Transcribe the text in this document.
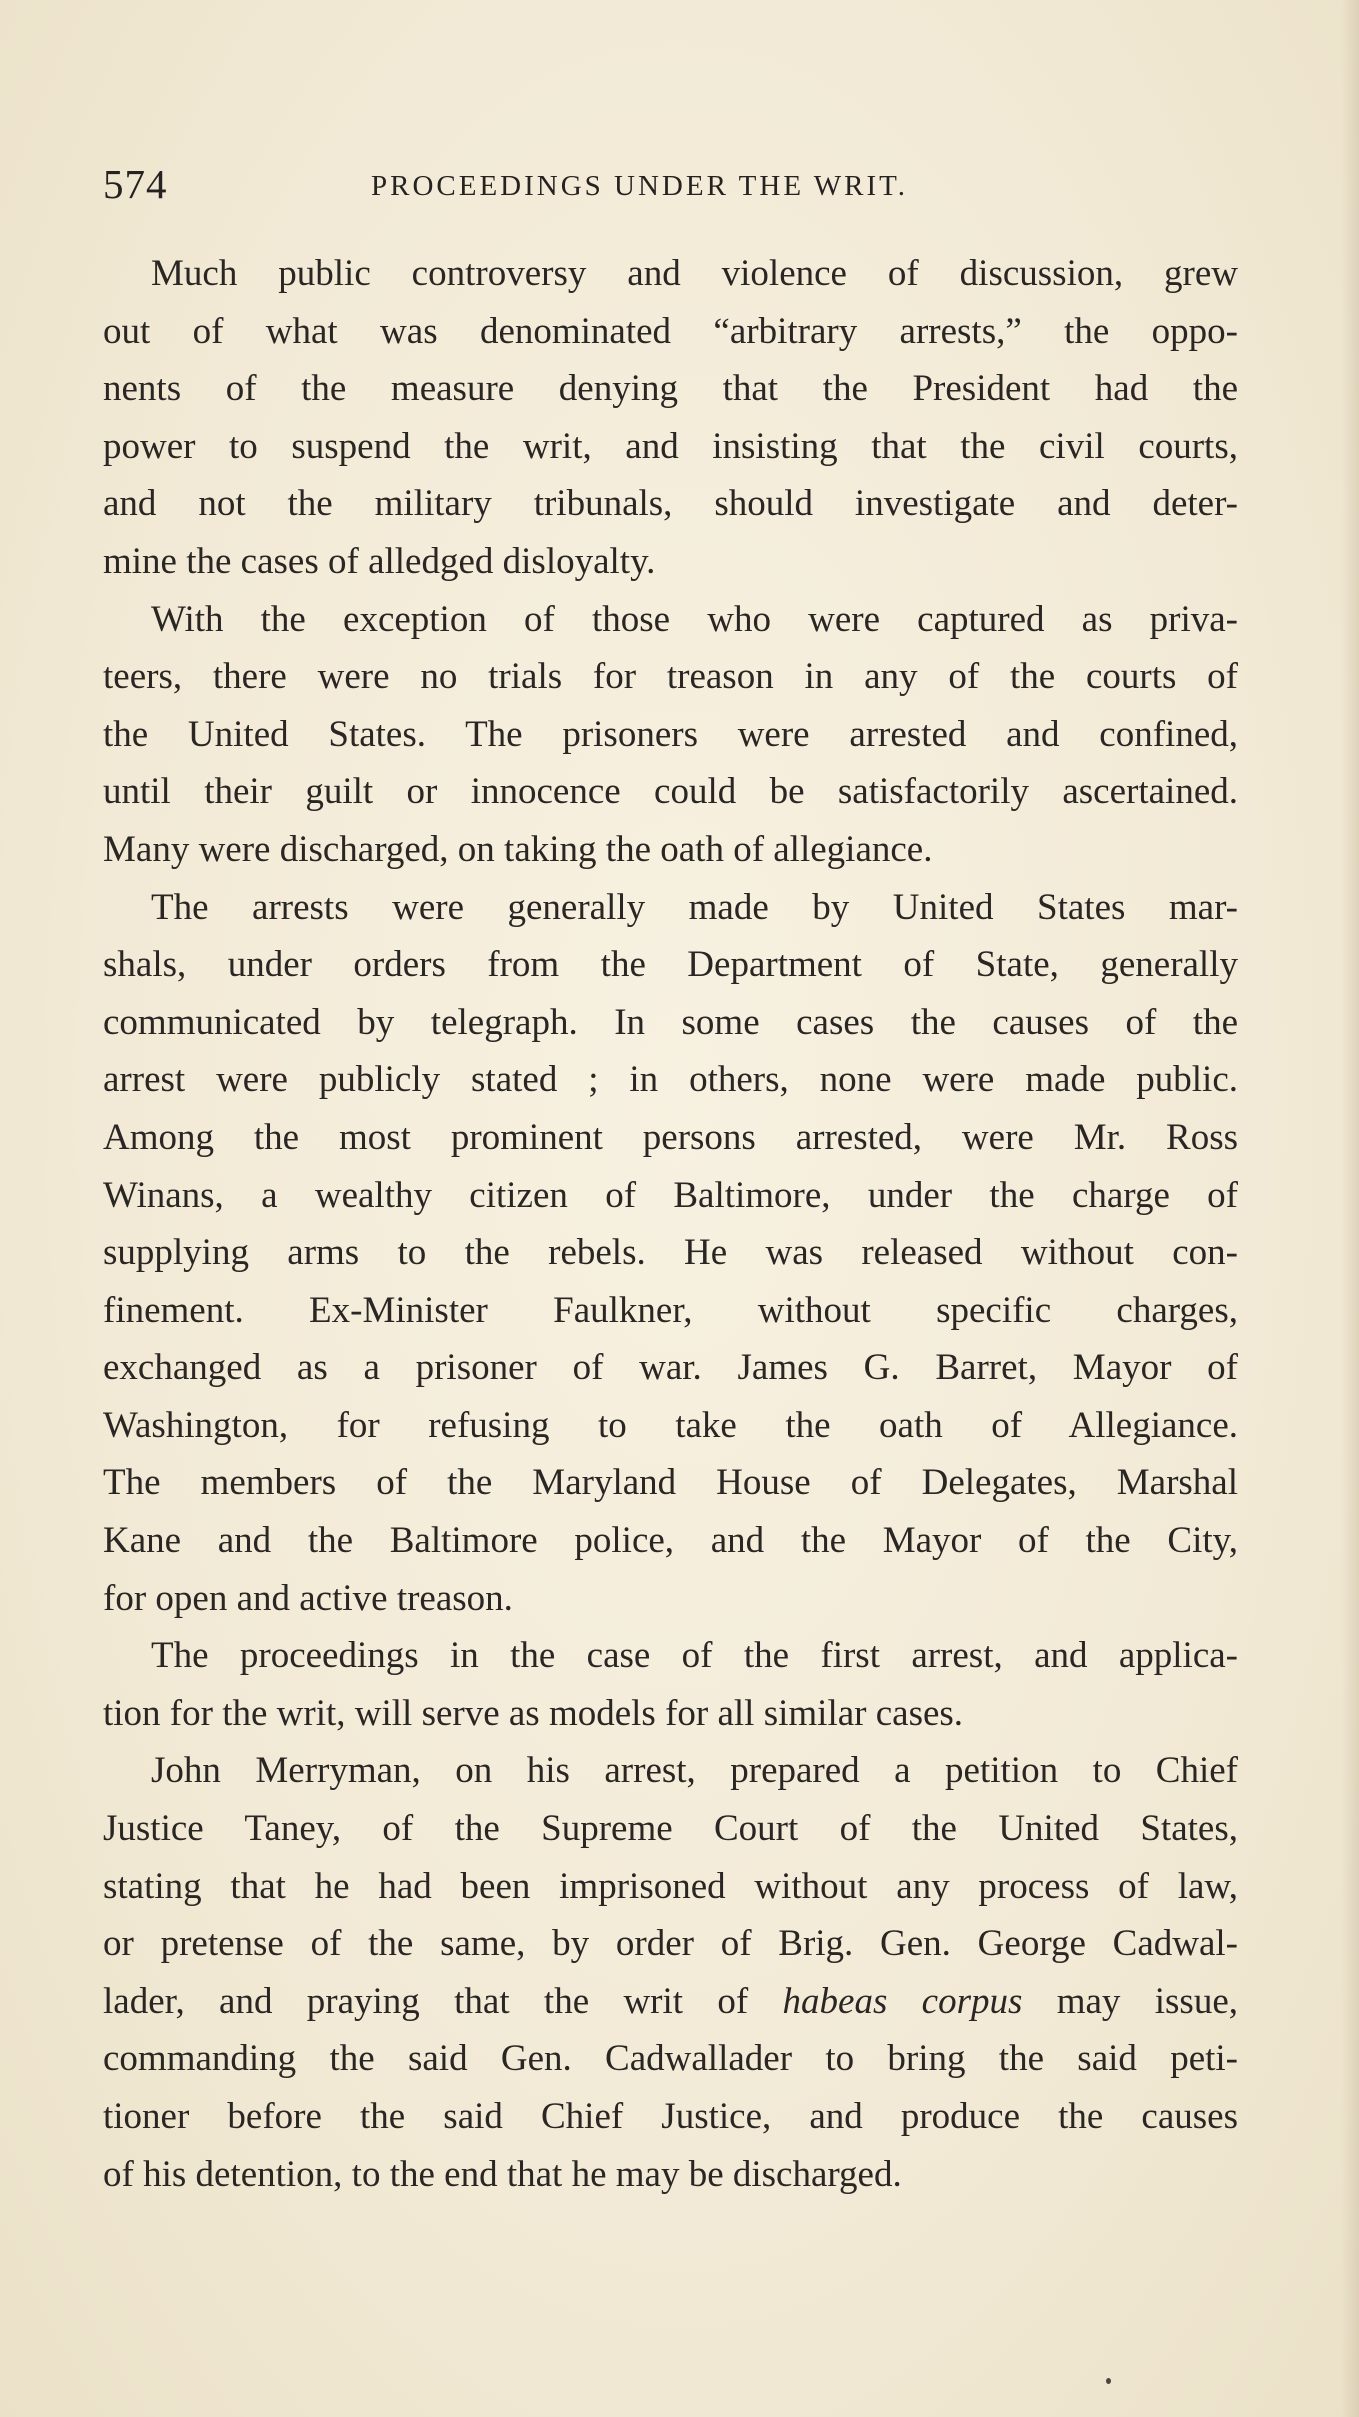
574	PROCEEDINGS UNDER THE WRIT.
Much public controversy and violence of discussion, grew
out of what was denominated “arbitrary arrests,” the oppo-
nents of the measure denying that the President had the
power to suspend the writ, and insisting that the civil courts,
and not the military tribunals, should investigate and deter-
mine the cases of alledged disloyalty.
With the exception of those who were captured as priva-
teers, there were no trials for treason in any of the courts of
the United States. The prisoners were arrested and confined,
until their guilt or innocence could be satisfactorily ascertained.
Many were discharged, on taking the oath of allegiance.
The arrests were generally made by United States mar-
shals, under orders from the Department of State, generally
communicated by telegraph. In some cases the causes of the
arrest were publicly stated ; in others, none were made public.
Among the most prominent persons arrested, were Mr. Ross
Winans, a wealthy citizen of Baltimore, under the charge of
supplying arms to the rebels. He was released without con-
finement. Ex-Minister Faulkner, without specific charges,
exchanged as a prisoner of war. James G. Barret, Mayor of
Washington, for refusing to take the oath of Allegiance.
The members of the Maryland House of Delegates, Marshal
Kane and the Baltimore police, and the Mayor of the City,
for open and active treason.
The proceedings in the case of the first arrest, and applica-
tion for the writ, will serve as models for all similar cases.
John Merryman, on his arrest, prepared a petition to Chief
Justice Taney, of the Supreme Court of the United States,
stating that he had been imprisoned without any process of law,
or pretense of the same, by order of Brig. Gen. George Cadwal-
lader, and praying that the writ of habeas corpus may issue,
commanding the said Gen. Cadwallader to bring the said peti-
tioner before the said Chief Justice, and produce the causes
of his detention, to the end that he may be discharged.
